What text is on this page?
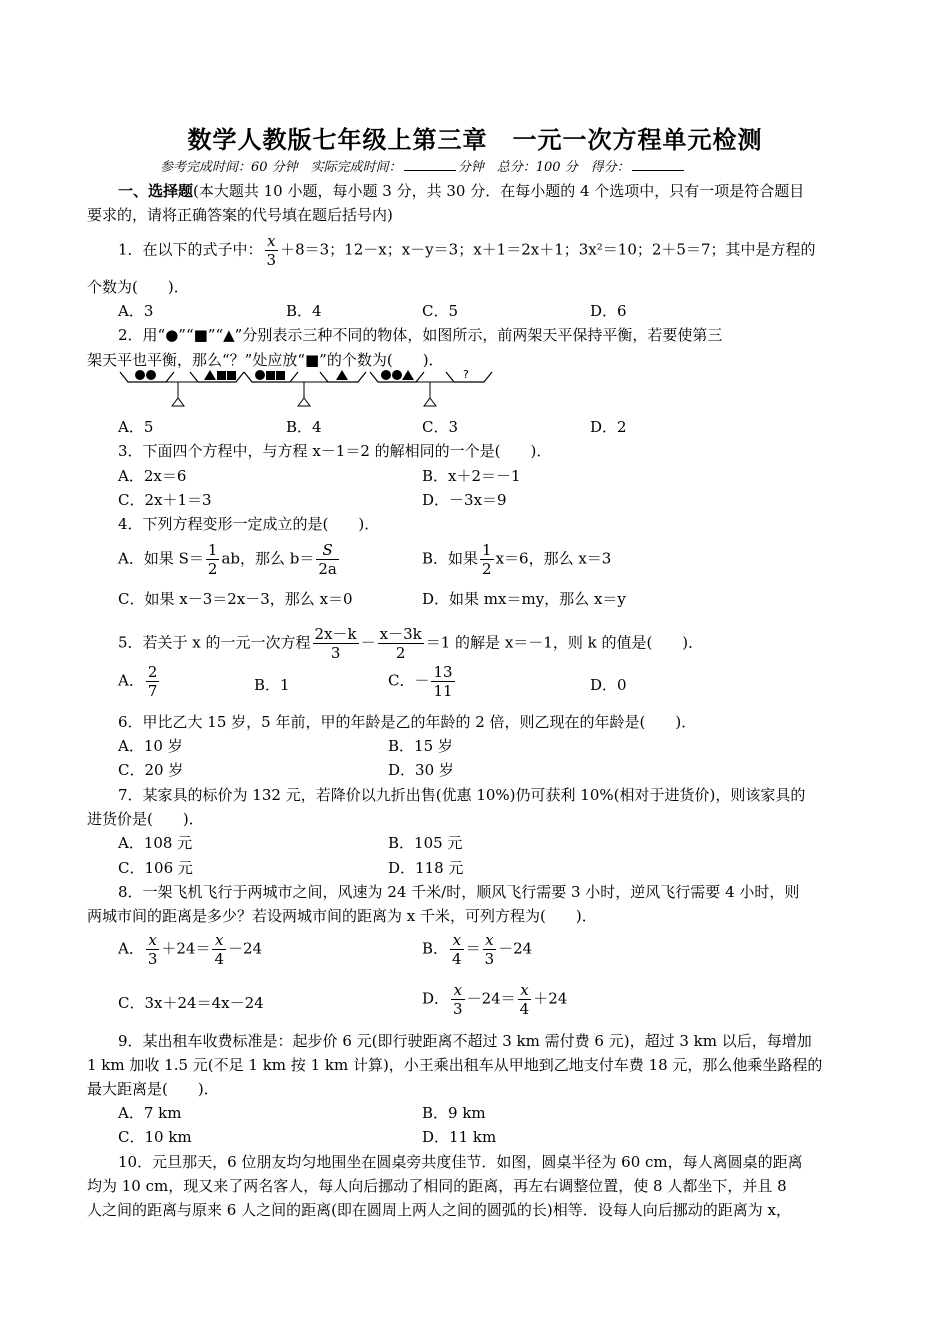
数学人教版七年级上第三章　一元一次方程单元检测
参考完成时间：60 分钟　实际完成时间：	分钟　总分：100 分　得分：
一、选择题(本大题共 10 小题，每小题 3 分，共 30 分．在每小题的 4 个选项中，只有一项是符合题目
要求的，请将正确答案的代号填在题后括号内)
1．在以下的式子中： $\frac{x}{3} +8=3$；12－x；x－y＝3；x＋1＝2x＋1；3x²＝10；2＋5＝7；其中是方程的
个数为(　　)．
A．3	B．4	C．5	D．6
2．用“●”“■”“▲”分别表示三种不同的物体，如图所示，前两架天平保持平衡，若要使第三
架天平也平衡，那么“？”处应放“■”的个数为(　　)．
?
A．5	B．4	C．3	D．2
3．下面四个方程中，与方程 x－1＝2 的解相同的一个是(　　)．
A．2x＝6	B．x＋2＝－1
C．2x＋1＝3	D．－3x＝9
4．下列方程变形一定成立的是(　　)．
A．如果 $S= \frac{1}{2}$ ab，那么 $b= \frac{S}{2a}$	B．如果 $\frac{1}{2} x=6$，那么 x＝3
C．如果 x－3＝2x－3，那么 x＝0	D．如果 mx＝my，那么 x＝y
5．若关于 x 的一元一次方程 $\frac{2x-k}{3} - \frac{x-3k}{2} =1$ 的解是 x＝－1，则 k 的值是(　　)．
A． $\frac{2}{7}$	B．1	C．－ $\frac{13}{11}$	D．0
6．甲比乙大 15 岁，5 年前，甲的年龄是乙的年龄的 2 倍，则乙现在的年龄是(　　)．
A．10 岁	B．15 岁
C．20 岁	D．30 岁
7．某家具的标价为 132 元，若降价以九折出售(优惠 10%)仍可获利 10%(相对于进货价)，则该家具的
进货价是(　　)．
A．108 元	B．105 元
C．106 元	D．118 元
8．一架飞机飞行于两城市之间，风速为 24 千米/时，顺风飞行需要 3 小时，逆风飞行需要 4 小时，则
两城市间的距离是多少？若设两城市间的距离为 x 千米，可列方程为(　　)．
A． $\frac{x}{3} +24= \frac{x}{4} -24$	B． $\frac{x}{4} = \frac{x}{3} -24$
C．3x＋24＝4x－24	D． $\frac{x}{3} -24= \frac{x}{4} +24$
9．某出租车收费标准是：起步价 6 元(即行驶距离不超过 3 km 需付费 6 元)，超过 3 km 以后，每增加
1 km 加收 1.5 元(不足 1 km 按 1 km 计算)，小王乘出租车从甲地到乙地支付车费 18 元，那么他乘坐路程的
最大距离是(　　)．
A．7 km	B．9 km
C．10 km	D．11 km
10．元旦那天，6 位朋友均匀地围坐在圆桌旁共度佳节．如图，圆桌半径为 60 cm，每人离圆桌的距离
均为 10 cm，现又来了两名客人，每人向后挪动了相同的距离，再左右调整位置，使 8 人都坐下，并且 8
人之间的距离与原来 6 人之间的距离(即在圆周上两人之间的圆弧的长)相等．设每人向后挪动的距离为 x，
